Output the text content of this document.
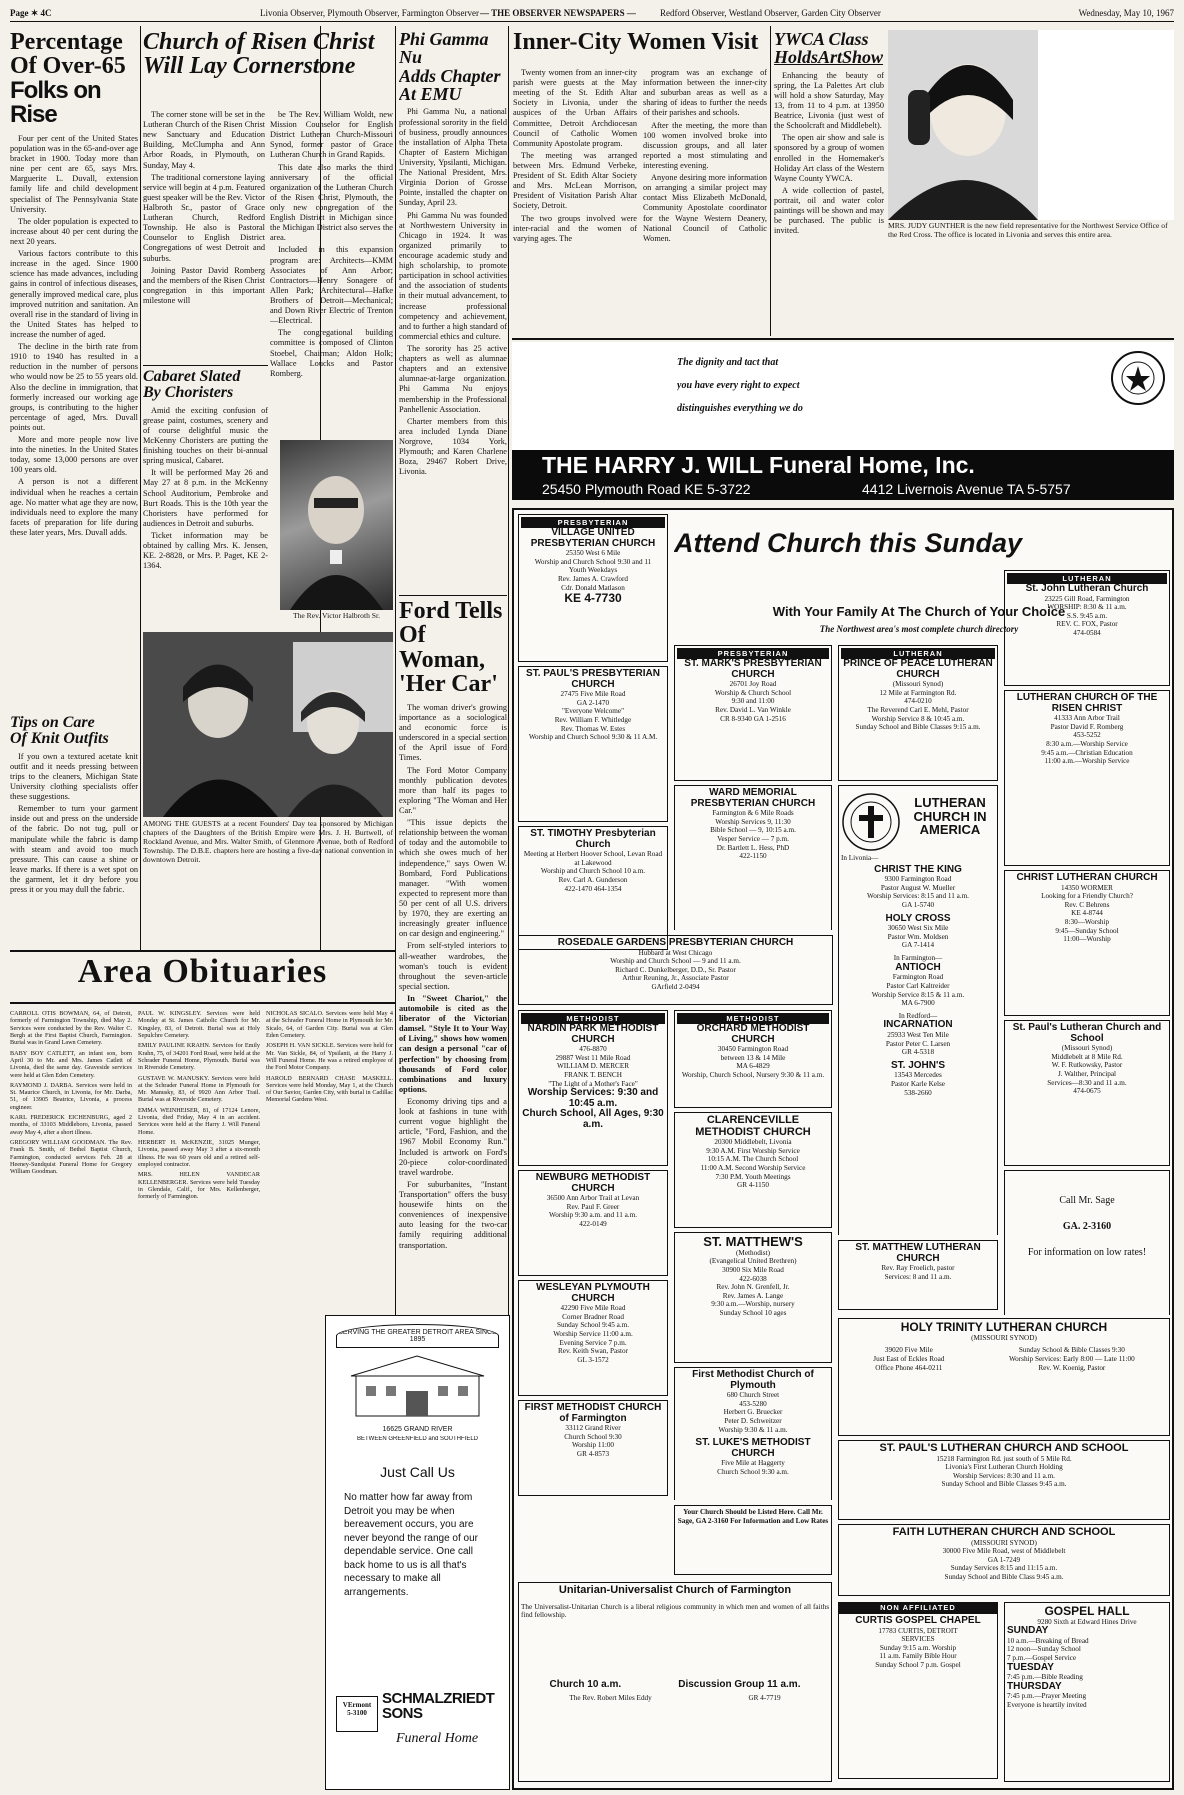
Page ✶ 4C	Livonia Observer, Plymouth Observer, Farmington Observer — THE OBSERVER NEWSPAPERS —	Redford Observer, Westland Observer, Garden City Observer	Wednesday, May 10, 1967
Percentage
Of Over-65
Folks on Rise

Four per cent of the United States population was in the 65-and-over age bracket in 1900. Today more than nine per cent are 65, says Mrs. Marguerite L. Duvall, extension family life and child development specialist of The Pennsylvania State University.

The older population is expected to increase about 40 per cent during the next 20 years.

Various factors contribute to this increase in the aged. Since 1900 science has made advances, including gains in control of infectious diseases, generally improved medical care, plus improved nutrition and sanitation. An overall rise in the standard of living in the United States has helped to increase the number of aged.

The decline in the birth rate from 1910 to 1940 has resulted in a reduction in the number of persons who would now be 25 to 55 years old. Also the decline in immigration, that formerly increased our working age groups, is contributing to the higher percentage of aged, Mrs. Duvall points out.

More and more people now live into the nineties. In the United States today, some 13,000 persons are over 100 years old.

A person is not a different individual when he reaches a certain age. No matter what age they are now, individuals need to explore the many facets of preparation for life during these later years, Mrs. Duvall adds.

Tips on Care
Of Knit Outfits

If you own a textured acetate knit outfit and it needs pressing between trips to the cleaners, Michigan State University clothing specialists offer these suggestions.

Remember to turn your garment inside out and press on the underside of the fabric. Do not tug, pull or manipulate while the fabric is damp with steam and avoid too much pressure. This can cause a shine or leave marks. If there is a wet spot on the garment, let it dry before you press it or you may dull the fabric.

Church of Risen Christ
Will Lay Cornerstone

The corner stone will be set in the Lutheran Church of the Risen Christ new Sanctuary and Education Building, McClumpha and Ann Arbor Roads, in Plymouth, on Sunday, May 4.

The traditional cornerstone laying service will begin at 4 p.m. Featured guest speaker will be the Rev. Victor Halbroth Sr., pastor of Grace Lutheran Church, Redford Township. He also is Pastoral Counselor to English District Congregations of west Detroit and suburbs.

Joining Pastor David Romberg and the members of the Risen Christ congregation in this important milestone will

be The Rev. William Woldt, new Mission Counselor for English District Lutheran Church-Missouri Synod, former pastor of Grace Lutheran Church in Grand Rapids.

This date also marks the third anniversary of the official organization of the Lutheran Church of the Risen Christ, Plymouth, the only new congregation of the English District in Michigan since the Michigan District also serves the area.

Included in this expansion program are: Architects—KMM Associates of Ann Arbor; Contractors—Henry Sonagere of Allen Park; Architectural—Hafke Brothers of Detroit—Mechanical; and Down River Electric of Trenton—Electrical.

The congregational building committee is composed of Clinton Stoebel, Chairman; Aldon Holk; Wallace Loucks and Pastor Romberg.

The Rev. Victor Halbroth Sr.
Cabaret Slated
By Choristers

Amid the exciting confusion of grease paint, costumes, scenery and of course delightful music the McKenny Choristers are putting the finishing touches on their bi-annual spring musical, Cabaret.

It will be performed May 26 and May 27 at 8 p.m. in the McKenny School Auditorium, Pembroke and Burt Roads. This is the 10th year the Choristers have performed for audiences in Detroit and suburbs.

Ticket information may be obtained by calling Mrs. K. Jensen, KE. 2-8828, or Mrs. P. Paget, KE 2-1364.

AMONG THE GUESTS at a recent Founders' Day tea sponsored by Michigan chapters of the Daughters of the British Empire were Mrs. J. H. Burtwell, of Rockland Avenue, and Mrs. Walter Smith, of Glenmore Avenue, both of Redford Township. The D.B.E. chapters here are hosting a five-day national convention in downtown Detroit.
Area Obituaries

CARROLL OTIS BOWMAN, 64, of Detroit, formerly of Farmington Township, died May 2. Services were conducted by the Rev. Walter C. Bergh at the First Baptist Church, Farmington. Burial was in Grand Lawn Cemetery.

BABY BOY CATLETT, an infant son, born April 30 to Mr. and Mrs. James Catlett of Livonia, died the same day. Graveside services were held at Glen Eden Cemetery.

RAYMOND J. DARBA. Services were held in St. Maurice Church, in Livonia, for Mr. Darba, 51, of 13905 Beatrice, Livonia, a process engineer.

KARL FREDERICK EICHENBURG, aged 2 months, of 33103 Middleboro, Livonia, passed away May 4, after a short illness.

GREGORY WILLIAM GOODMAN. The Rev. Frank B. Smith, of Bethel Baptist Church, Farmington, conducted services Feb. 28 at Heeney-Sundquist Funeral Home for Gregory William Goodman.

PAUL W. KINGSLEY. Services were held Monday at St. James Catholic Church for Mr. Kingsley, 83, of Detroit. Burial was at Holy Sepulchre Cemetery.

EMILY PAULINE KRAHN. Services for Emily Krahn, 75, of 34201 Ford Road, were held at the Schrader Funeral Home, Plymouth. Burial was in Riverside Cemetery.

GUSTAVE W. MANUSKY. Services were held at the Schrader Funeral Home in Plymouth for Mr. Manusky, 83, of 9920 Ann Arbor Trail. Burial was at Riverside Cemetery.

EMMA WEINHEISER, 81, of 17124 Lenore, Livonia, died Friday, May 4 in an accident. Services were held at the Harry J. Will Funeral Home.

HERBERT H. McKENZIE, 31025 Munger, Livonia, passed away May 3 after a six-month illness. He was 60 years old and a retired self-employed contractor.

MRS. HELEN VANDECAR KELLENBERGER. Services were held Tuesday in Glendale, Calif., for Mrs. Kellenberger, formerly of Farmington.

NICHOLAS SICALO. Services were held May 4 at the Schrader Funeral Home in Plymouth for Mr. Sicalo, 64, of Garden City. Burial was at Glen Eden Cemetery.

JOSEPH H. VAN SICKLE. Services were held for Mr. Van Sickle, 84, of Ypsilanti, at the Harry J. Will Funeral Home. He was a retired employee of the Ford Motor Company.

HAROLD BERNARD CHASE MASKELL. Services were held Monday, May 1, at the Church of Our Savior, Garden City, with burial in Cadillac Memorial Gardens West.

SERVING THE GREATER DETROIT AREA SINCE 1895
16625 GRAND RIVER
BETWEEN GREENFIELD and SOUTHFIELD
Just Call Us
No matter how far away from Detroit you may be when bereavement occurs, you are never beyond the range of our dependable service. One call back home to us is all that's necessary to make all arrangements.
VErmont
5-3100
SCHMALZRIEDT SONS
Funeral Home
Phi Gamma Nu
Adds Chapter
At EMU

Phi Gamma Nu, a national professional sorority in the field of business, proudly announces the installation of Alpha Theta Chapter of Eastern Michigan University, Ypsilanti, Michigan. The National President, Mrs. Virginia Dorion of Grosse Pointe, installed the chapter on Sunday, April 23.

Phi Gamma Nu was founded at Northwestern University in Chicago in 1924. It was organized primarily to encourage academic study and high scholarship, to promote participation in school activities and the association of students in their mutual advancement, to increase professional competency and achievement, and to further a high standard of commercial ethics and culture.

The sorority has 25 active chapters as well as alumnae chapters and an extensive alumnae-at-large organization. Phi Gamma Nu enjoys membership in the Professional Panhellenic Association.

Charter members from this area included Lynda Diane Norgrove, 1034 York, Plymouth; and Karen Charlene Boza, 29467 Robert Drive, Livonia.

Ford Tells
Of Woman,
'Her Car'

The woman driver's growing importance as a sociological and economic force is underscored in a special section of the April issue of Ford Times.

The Ford Motor Company monthly publication devotes more than half its pages to exploring "The Woman and Her Car."

"This issue depicts the relationship between the woman of today and the automobile to which she owes much of her independence," says Owen W. Bombard, Ford Publications manager. "With women expected to represent more than 50 per cent of all U.S. drivers by 1970, they are exerting an increasingly greater influence on car design and engineering."

From self-styled interiors to all-weather wardrobes, the woman's touch is evident throughout the seven-article special section.

In "Sweet Chariot," the automobile is cited as the liberator of the Victorian damsel. "Style It to Your Way of Living," shows how women can design a personal "car of perfection" by choosing from thousands of Ford color combinations and luxury options.

Economy driving tips and a look at fashions in tune with current vogue highlight the article, "Ford, Fashion, and the 1967 Mobil Economy Run." Included is artwork on Ford's 20-piece color-coordinated travel wardrobe.

For suburbanites, "Instant Transportation" offers the busy housewife hints on the conveniences of inexpensive auto leasing for the two-car family requiring additional transportation.

Inner-City Women Visit

Twenty women from an inner-city parish were guests at the May meeting of the St. Edith Altar Society in Livonia, under the auspices of the Urban Affairs Committee, Detroit Archdiocesan Council of Catholic Women Community Apostolate program.

The meeting was arranged between Mrs. Edmund Verbeke, President of St. Edith Altar Society and Mrs. McLean Morrison, President of Visitation Parish Altar Society, Detroit.

The two groups involved were inter-racial and the women of varying ages. The

program was an exchange of information between the inner-city and suburban areas as well as a sharing of ideas to further the needs of their parishes and schools.

After the meeting, the more than 100 women involved broke into discussion groups, and all later reported a most stimulating and interesting evening.

Anyone desiring more information on arranging a similar project may contact Miss Elizabeth McDonald, Community Apostolate coordinator for the Wayne Western Deanery, National Council of Catholic Women.

YWCA Class
HoldsArtShow

Enhancing the beauty of spring, the La Palettes Art club will hold a show Saturday, May 13, from 11 to 4 p.m. at 13950 Beatrice, Livonia (just west of the Schoolcraft and Middlebelt).

The open air show and sale is sponsored by a group of women enrolled in the Homemaker's Holiday Art class of the Western Wayne County YWCA.

A wide collection of pastel, portrait, oil and water color paintings will be shown and may be purchased. The public is invited.

MRS. JUDY GUNTHER is the new field representative for the Northwest Service Office of the Red Cross. The office is located in Livonia and serves this entire area.
The dignity and tact that
you have every right to expect
distinguishes everything we do
THE HARRY J. WILL Funeral Home, Inc.
25450 Plymouth Road KE 5-3722	4412 Livernois Avenue TA 5-5757
PRESBYTERIAN
VILLAGE UNITED PRESBYTERIAN CHURCH
25350 West 6 Mile
Worship and Church School 9:30 and 11
Youth Weekdays
Rev. James A. Crawford
Cdr. Donald Matlason
KE 4-7730
ST. PAUL'S PRESBYTERIAN CHURCH
27475 Five Mile Road
GA 2-1470
"Everyone Welcome"
Rev. William F. Whitledge
Rev. Thomas W. Estes
Worship and Church School 9:30 & 11 A.M.
ST. TIMOTHY Presbyterian Church
Meeting at Herbert Hoover School, Levan Road at Lakewood
Worship and Church School 10 a.m.
Rev. Carl A. Gunderson
422-1470 464-1354
ROSEDALE GARDENS PRESBYTERIAN CHURCH
Hubbard at West Chicago
Worship and Church School — 9 and 11 a.m.
Richard C. Dunkelberger, D.D., Sr. Pastor
Arthur Reuning, Jr., Associate Pastor
GArfield 2-0494
METHODIST
NARDIN PARK METHODIST CHURCH
476-8870
29887 West 11 Mile Road
WILLIAM D. MERCER
FRANK T. BENCH
"The Light of a Mother's Face"
Worship Services: 9:30 and 10:45 a.m.
Church School, All Ages, 9:30 a.m.
NEWBURG METHODIST CHURCH
36500 Ann Arbor Trail at Levan
Rev. Paul F. Greer
Worship 9:30 a.m. and 11 a.m.
422-0149
WESLEYAN PLYMOUTH CHURCH
42290 Five Mile Road
Corner Bradner Road
Sunday School 9:45 a.m.
Worship Service 11:00 a.m.
Evening Service 7 p.m.
Rev. Keith Swan, Pastor
GL 3-1572
FIRST METHODIST CHURCH of Farmington
33112 Grand River
Church School 9:30
Worship 11:00
GR 4-8573
Attend Church this Sunday
With Your Family At The Church of Your Choice
The Northwest area's most complete church directory
PRESBYTERIAN
ST. MARK'S PRESBYTERIAN CHURCH
26701 Joy Road
Worship & Church School
9:30 and 11:00
Rev. David L. Van Winkle
CR 8-9340 GA 1-2516
WARD MEMORIAL PRESBYTERIAN CHURCH
Farmington & 6 Mile Roads
Worship Services 9, 11:30
Bible School — 9, 10:15 a.m.
Vesper Service — 7 p.m.
Dr. Bartlett L. Hess, PhD
422-1150
METHODIST
ORCHARD METHODIST CHURCH
30450 Farmington Road
between 13 & 14 Mile
MA 6-4829
Worship, Church School, Nursery 9:30 & 11 a.m.
CLARENCEVILLE METHODIST CHURCH
20300 Middlebelt, Livonia
9:30 A.M. First Worship Service
10:15 A.M. The Church School
11:00 A.M. Second Worship Service
7:30 P.M. Youth Meetings
GR 4-1150
ST. MATTHEW'S
(Methodist)
(Evangelical United Brethren)
30900 Six Mile Road
422-6038
Rev. John N. Grenfell, Jr.
Rev. James A. Lange
9:30 a.m.—Worship, nursery
Sunday School 10 ages
First Methodist Church of Plymouth
680 Church Street
453-5280
Herbert G. Bruecker
Peter D. Schweitzer
Worship 9:30 & 11 a.m.
ST. LUKE'S METHODIST CHURCH
Five Mile at Haggerty
Church School 9:30 a.m.
LUTHERAN
PRINCE OF PEACE LUTHERAN CHURCH
(Missouri Synod)
12 Mile at Farmington Rd.
474-0210
The Reverend Carl E. Mehl, Pastor
Worship Service 8 & 10:45 a.m.
Sunday School and Bible Classes 9:15 a.m.
LUTHERAN CHURCH IN AMERICA
In Livonia—
CHRIST THE KING
9300 Farmington Road
Pastor August W. Mueller
Worship Services: 8:15 and 11 a.m.
GA 1-5740
HOLY CROSS
30650 West Six Mile
Pastor Wm. Moldsen
GA 7-1414
In Farmington—
ANTIOCH
Farmington Road
Pastor Carl Kaltreider
Worship Service 8:15 & 11 a.m.
MA 6-7900
In Redford—
INCARNATION
25933 West Ten Mile
Pastor Peter C. Larsen
GR 4-5318
ST. JOHN'S
13543 Mercedes
Pastor Karle Kelse
538-2660
ST. MATTHEW LUTHERAN CHURCH
Rev. Ray Froelich, pastor
Services: 8 and 11 a.m.
LUTHERAN
St. John Lutheran Church
23225 Gill Road, Farmington
WORSHIP: 8:30 & 11 a.m.
S.S. 9:45 a.m.
REV. C. FOX, Pastor
474-0584
LUTHERAN CHURCH OF THE RISEN CHRIST
41333 Ann Arbor Trail
Pastor David F. Romberg
453-5252
8:30 a.m.—Worship Service
9:45 a.m.—Christian Education
11:00 a.m.—Worship Service
CHRIST LUTHERAN CHURCH
14350 WORMER
Looking for a Friendly Church?
Rev. C Behrens
KE 4-8744
8:30—Worship
9:45—Sunday School
11:00—Worship
St. Paul's Lutheran Church and School
(Missouri Synod)
Middlebelt at 8 Mile Rd.
W. F. Rutkowsky, Pastor
J. Walther, Principal
Services—8:30 and 11 a.m.
474-0675
Call Mr. Sage
GA. 2-3160
For information on low rates!
HOLY TRINITY LUTHERAN CHURCH
(MISSOURI SYNOD)
39020 Five Mile
Just East of Eckles Road
Office Phone 464-0211
Sunday School & Bible Classes 9:30
Worship Services: Early 8:00 — Late 11:00
Rev. W. Koenig, Pastor
ST. PAUL'S LUTHERAN CHURCH AND SCHOOL
15218 Farmington Rd. just south of 5 Mile Rd.
Livonia's First Lutheran Church Holding
Worship Services: 8:30 and 11 a.m.
Sunday School and Bible Classes 9:45 a.m.
FAITH LUTHERAN CHURCH AND SCHOOL
(MISSOURI SYNOD)
30000 Five Mile Road, west of Middlebelt
GA 1-7249
Sunday Services 8:15 and 11:15 a.m.
Sunday School and Bible Class 9:45 a.m.
Your Church Should be Listed Here. Call Mr. Sage, GA 2-3160 For Information and Low Rates
Unitarian-Universalist Church of Farmington
The Universalist-Unitarian Church is a liberal religious community in which men and women of all faiths find fellowship.
Church 10 a.m.	Discussion Group 11 a.m.
The Rev. Robert Miles Eddy	GR 4-7719
NON AFFILIATED
CURTIS GOSPEL CHAPEL
17783 CURTIS, DETROIT
SERVICES
Sunday 9:15 a.m. Worship
11 a.m. Family Bible Hour
Sunday School 7 p.m. Gospel
GOSPEL HALL
9280 Sixth at Edward Hines Drive
SUNDAY
10 a.m.—Breaking of Bread
12 noon—Sunday School
7 p.m.—Gospel Service
TUESDAY
7:45 p.m.—Bible Reading
THURSDAY
7:45 p.m.—Prayer Meeting
Everyone is heartily invited
